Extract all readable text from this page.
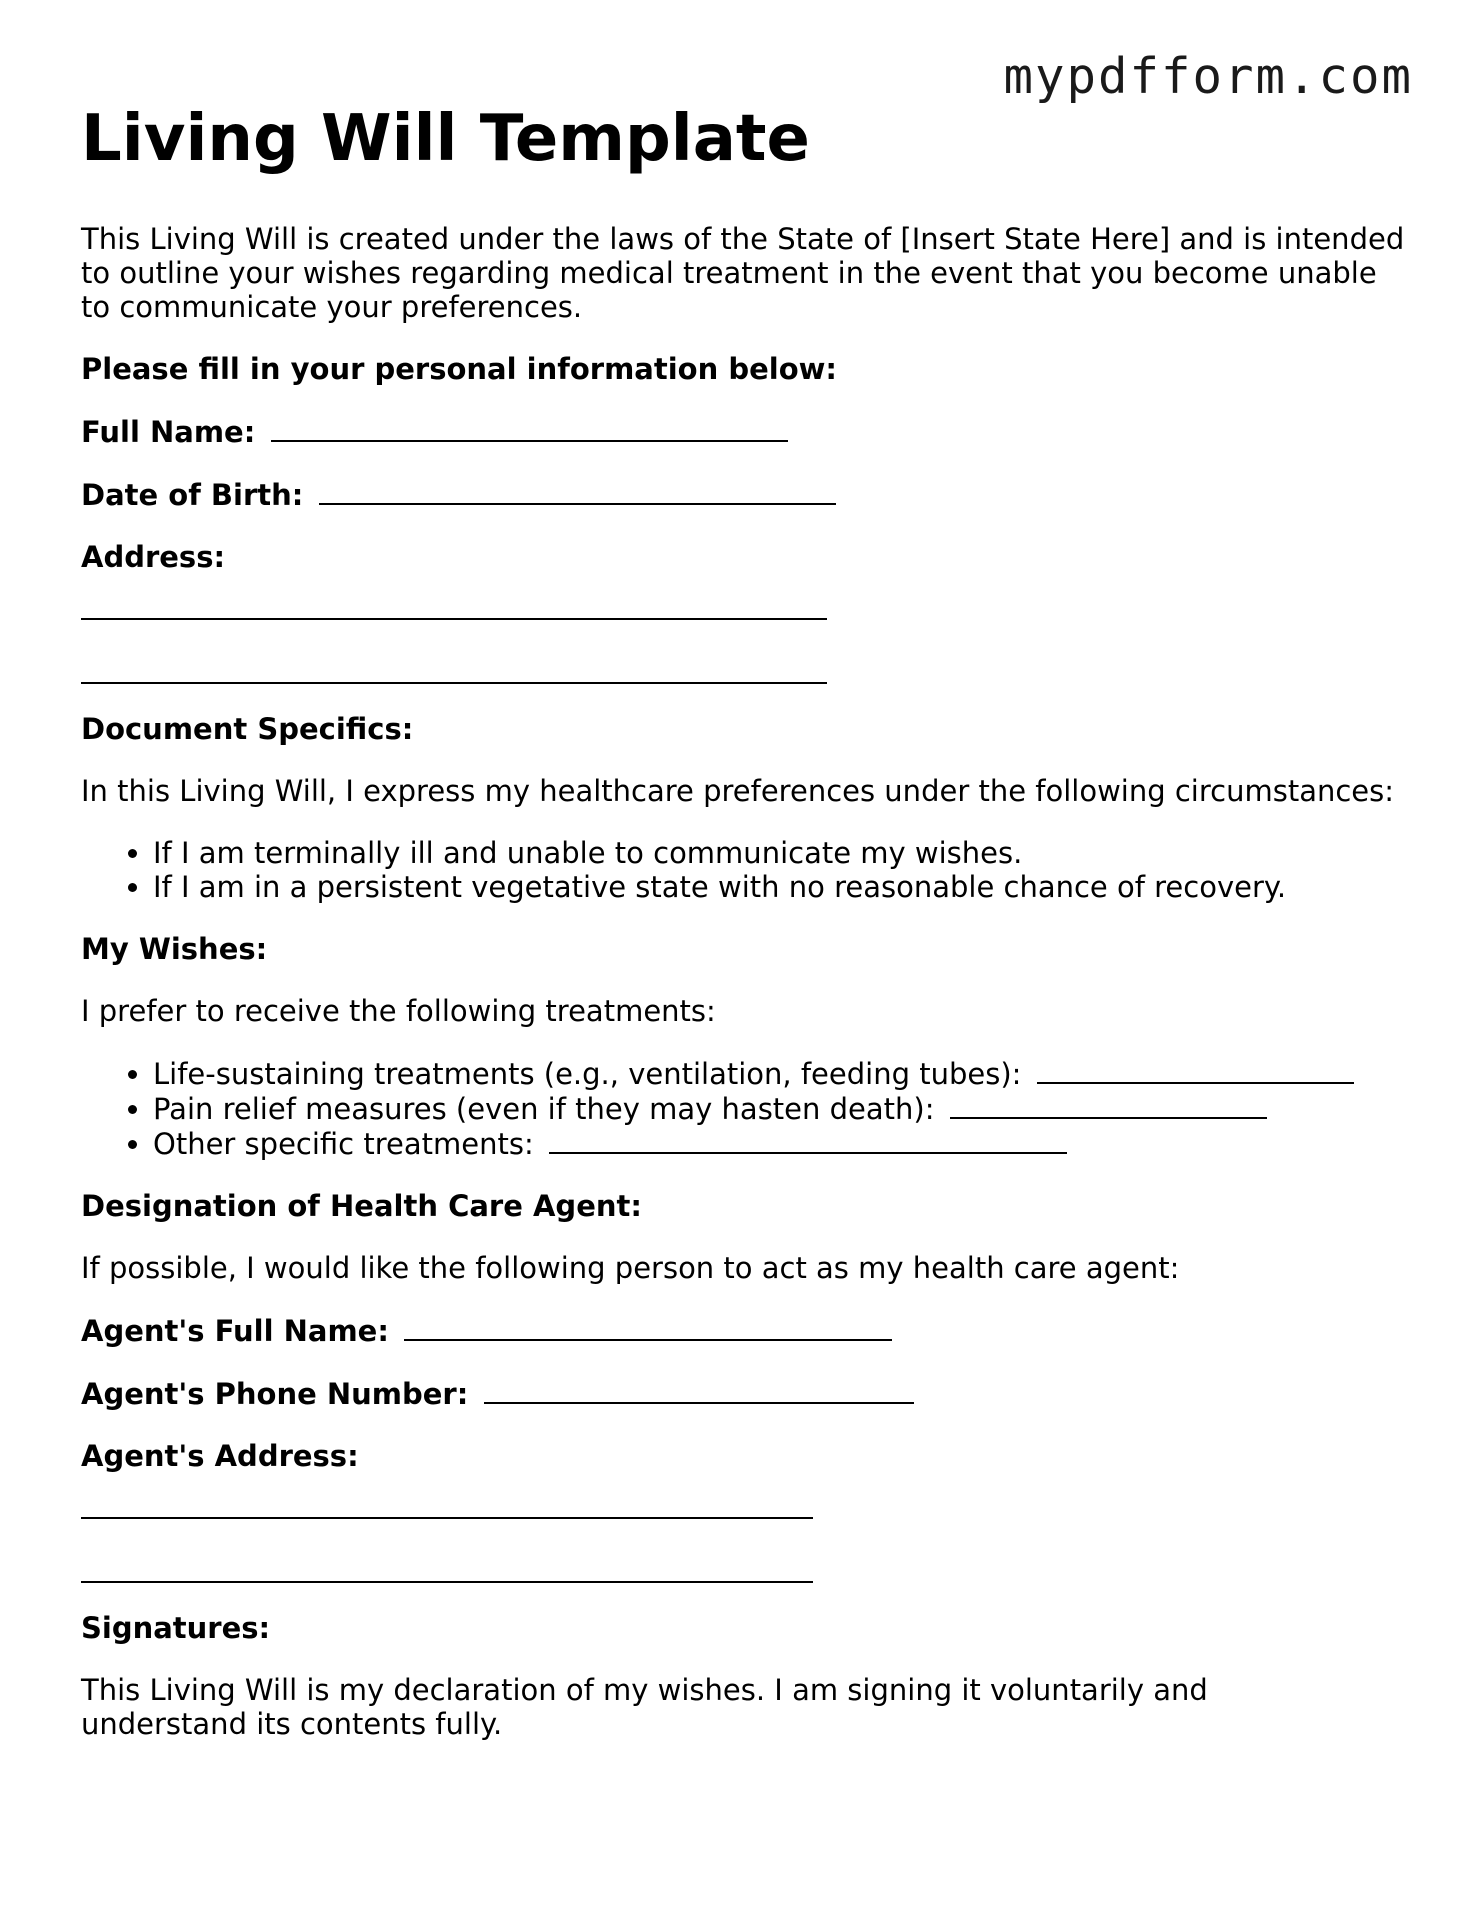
mypdfform.com
Living Will Template

This Living Will is created under the laws of the State of [Insert State Here] and is intended to outline your wishes regarding medical treatment in the event that you become unable to communicate your preferences.

Please fill in your personal information below:

Full Name:
Date of Birth:
Address:

Document Specifics:

In this Living Will, I express my healthcare preferences under the following circumstances:

• If I am terminally ill and unable to communicate my wishes.
• If I am in a persistent vegetative state with no reasonable chance of recovery.

My Wishes:

I prefer to receive the following treatments:

• Life-sustaining treatments (e.g., ventilation, feeding tubes):
• Pain relief measures (even if they may hasten death):
• Other specific treatments:

Designation of Health Care Agent:

If possible, I would like the following person to act as my health care agent:

Agent's Full Name:
Agent's Phone Number:
Agent's Address:

Signatures:

This Living Will is my declaration of my wishes. I am signing it voluntarily and understand its contents fully.
